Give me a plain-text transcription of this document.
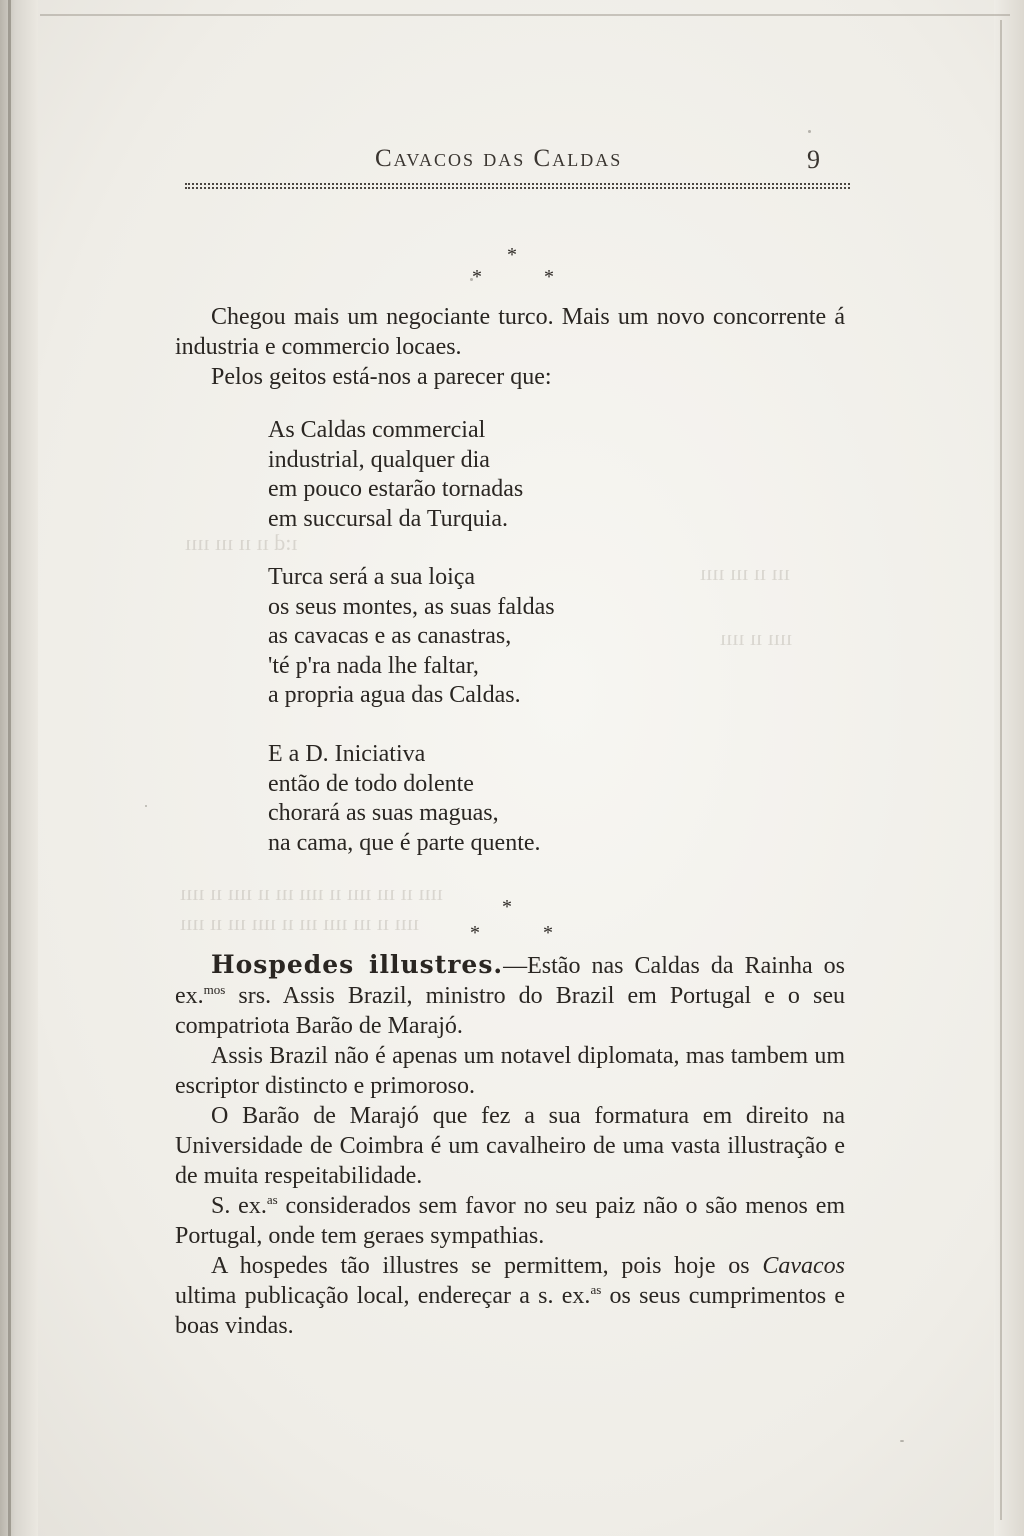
ı:d ıı ıı ııı ıııı
ııı ıı ııı ıııı
ıııı ıı ıııı
ıııı ıı ııı ıııı ıı ıııı ııı ıı ıııı ıı ıııı
ıııı ıı ııı ıııı ııı ıı ıııı ııı ıı ıııı
Cavacos das Caldas	9
*
*	*

Chegou mais um negociante turco. Mais um novo concorrente á industria e commercio locaes.

Pelos geitos está-nos a parecer que:

As Caldas commercial
industrial, qualquer dia
em pouco estarão tornadas
em succursal da Turquia.
Turca será a sua loiça
os seus montes, as suas faldas
as cavacas e as canastras,
'té p'ra nada lhe faltar,
a propria agua das Caldas.
E a D. Iniciativa
então de todo dolente
chorará as suas maguas,
na cama, que é parte quente.
*
*	*

Hospedes illustres.—Estão nas Caldas da Rainha os ex.$^{mos}$ srs. Assis Brazil, ministro do Brazil em Portugal e o seu compatriota Barão de Marajó.

Assis Brazil não é apenas um notavel diplomata, mas tambem um escriptor distincto e primoroso.

O Barão de Marajó que fez a sua formatura em direito na Universidade de Coimbra é um cavalheiro de uma vasta illustração e de muita respeitabilidade.

S. ex.$^{as}$ considerados sem favor no seu paiz não o são menos em Portugal, onde tem geraes sympathias.

A hospedes tão illustres se permittem, pois hoje os Cavacos ultima publicação local, endereçar a s. ex.$^{as}$ os seus cumprimentos e boas vindas.
